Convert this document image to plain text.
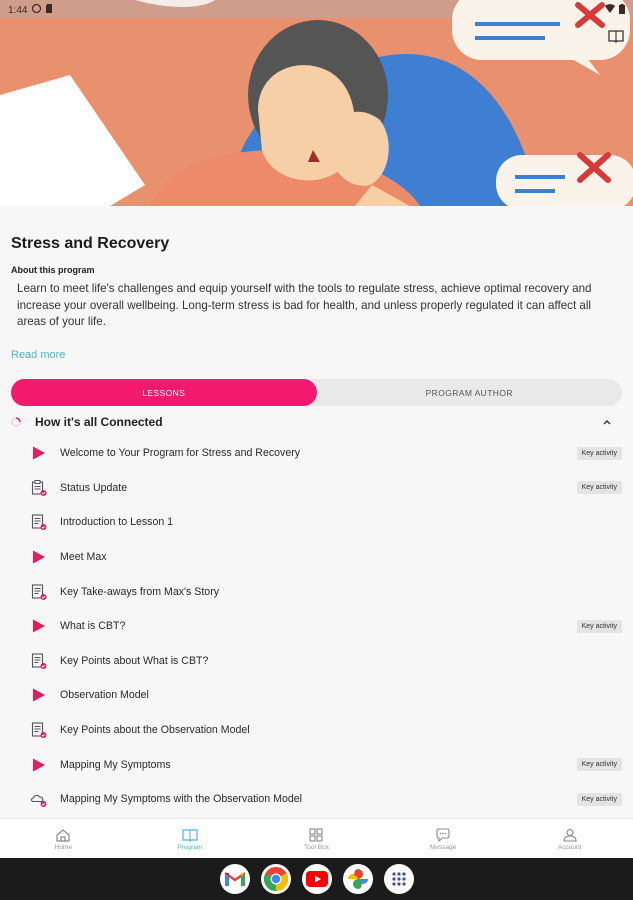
1:44
Stress and Recovery
About this program
Learn to meet life's challenges and equip yourself with the tools to regulate stress, achieve optimal recovery and increase your overall wellbeing. Long-term stress is bad for health, and unless properly regulated it can affect all areas of your life.
Read more
LESSONS	PROGRAM AUTHOR
How it's all Connected
Welcome to Your Program for Stress and Recovery	Key activity
Status Update	Key activity
Introduction to Lesson 1
Meet Max
Key Take-aways from Max's Story
What is CBT?	Key activity
Key Points about What is CBT?
Observation Model
Key Points about the Observation Model
Mapping My Symptoms	Key activity
Mapping My Symptoms with the Observation Model	Key activity
Home	Program	Tool Box	Message	Account
